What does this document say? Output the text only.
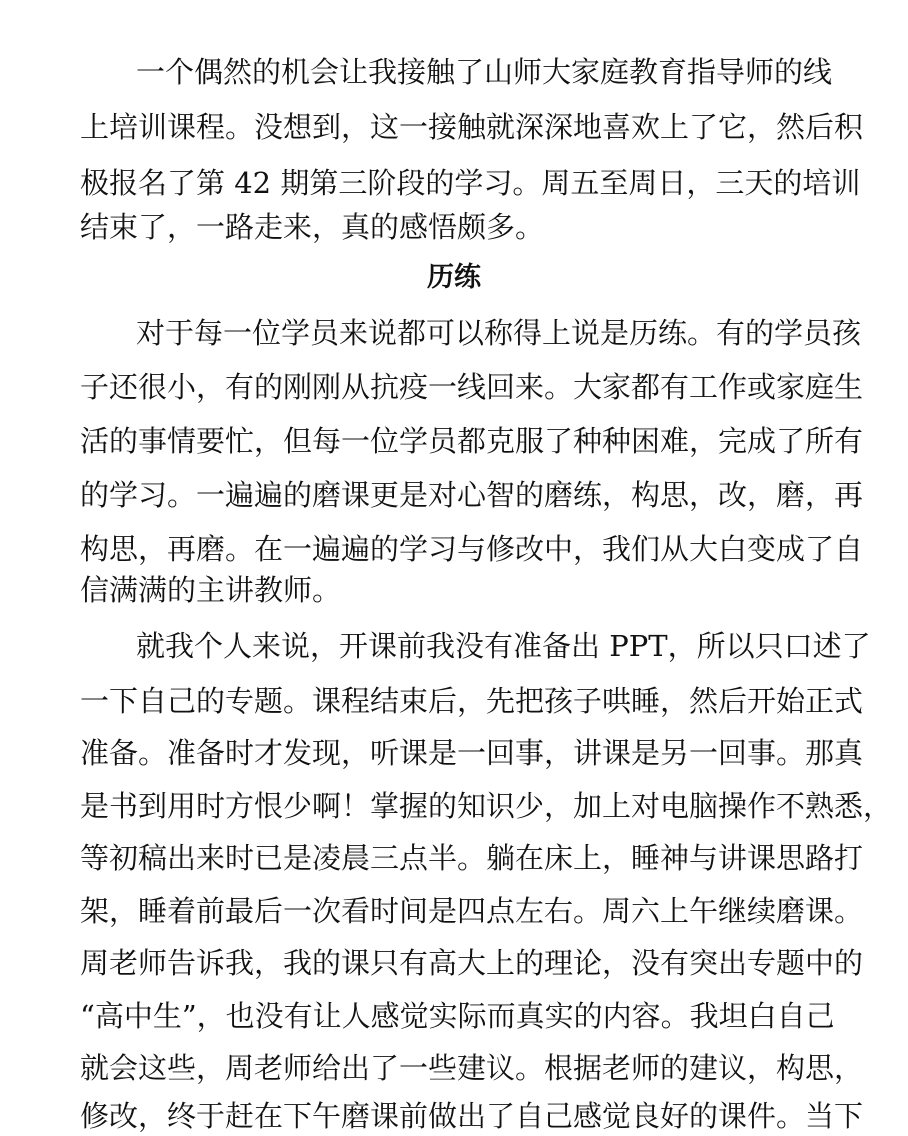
一个偶然的机会让我接触了山师大家庭教育指导师的线
上培训课程。没想到，这一接触就深深地喜欢上了它，然后积
极报名了第 42 期第三阶段的学习。周五至周日，三天的培训
结束了，一路走来，真的感悟颇多。
历练
对于每一位学员来说都可以称得上说是历练。有的学员孩
子还很小，有的刚刚从抗疫一线回来。大家都有工作或家庭生
活的事情要忙，但每一位学员都克服了种种困难，完成了所有
的学习。一遍遍的磨课更是对心智的磨练，构思，改，磨，再
构思，再磨。在一遍遍的学习与修改中，我们从大白变成了自
信满满的主讲教师。
就我个人来说，开课前我没有准备出 PPT，所以只口述了
一下自己的专题。课程结束后，先把孩子哄睡，然后开始正式
准备。准备时才发现，听课是一回事，讲课是另一回事。那真
是书到用时方恨少啊！掌握的知识少，加上对电脑操作不熟悉，
等初稿出来时已是凌晨三点半。躺在床上，睡神与讲课思路打
架，睡着前最后一次看时间是四点左右。周六上午继续磨课。
周老师告诉我，我的课只有高大上的理论，没有突出专题中的
“高中生”，也没有让人感觉实际而真实的内容。我坦白自己
就会这些，周老师给出了一些建议。根据老师的建议，构思，
修改，终于赶在下午磨课前做出了自己感觉良好的课件。当下
